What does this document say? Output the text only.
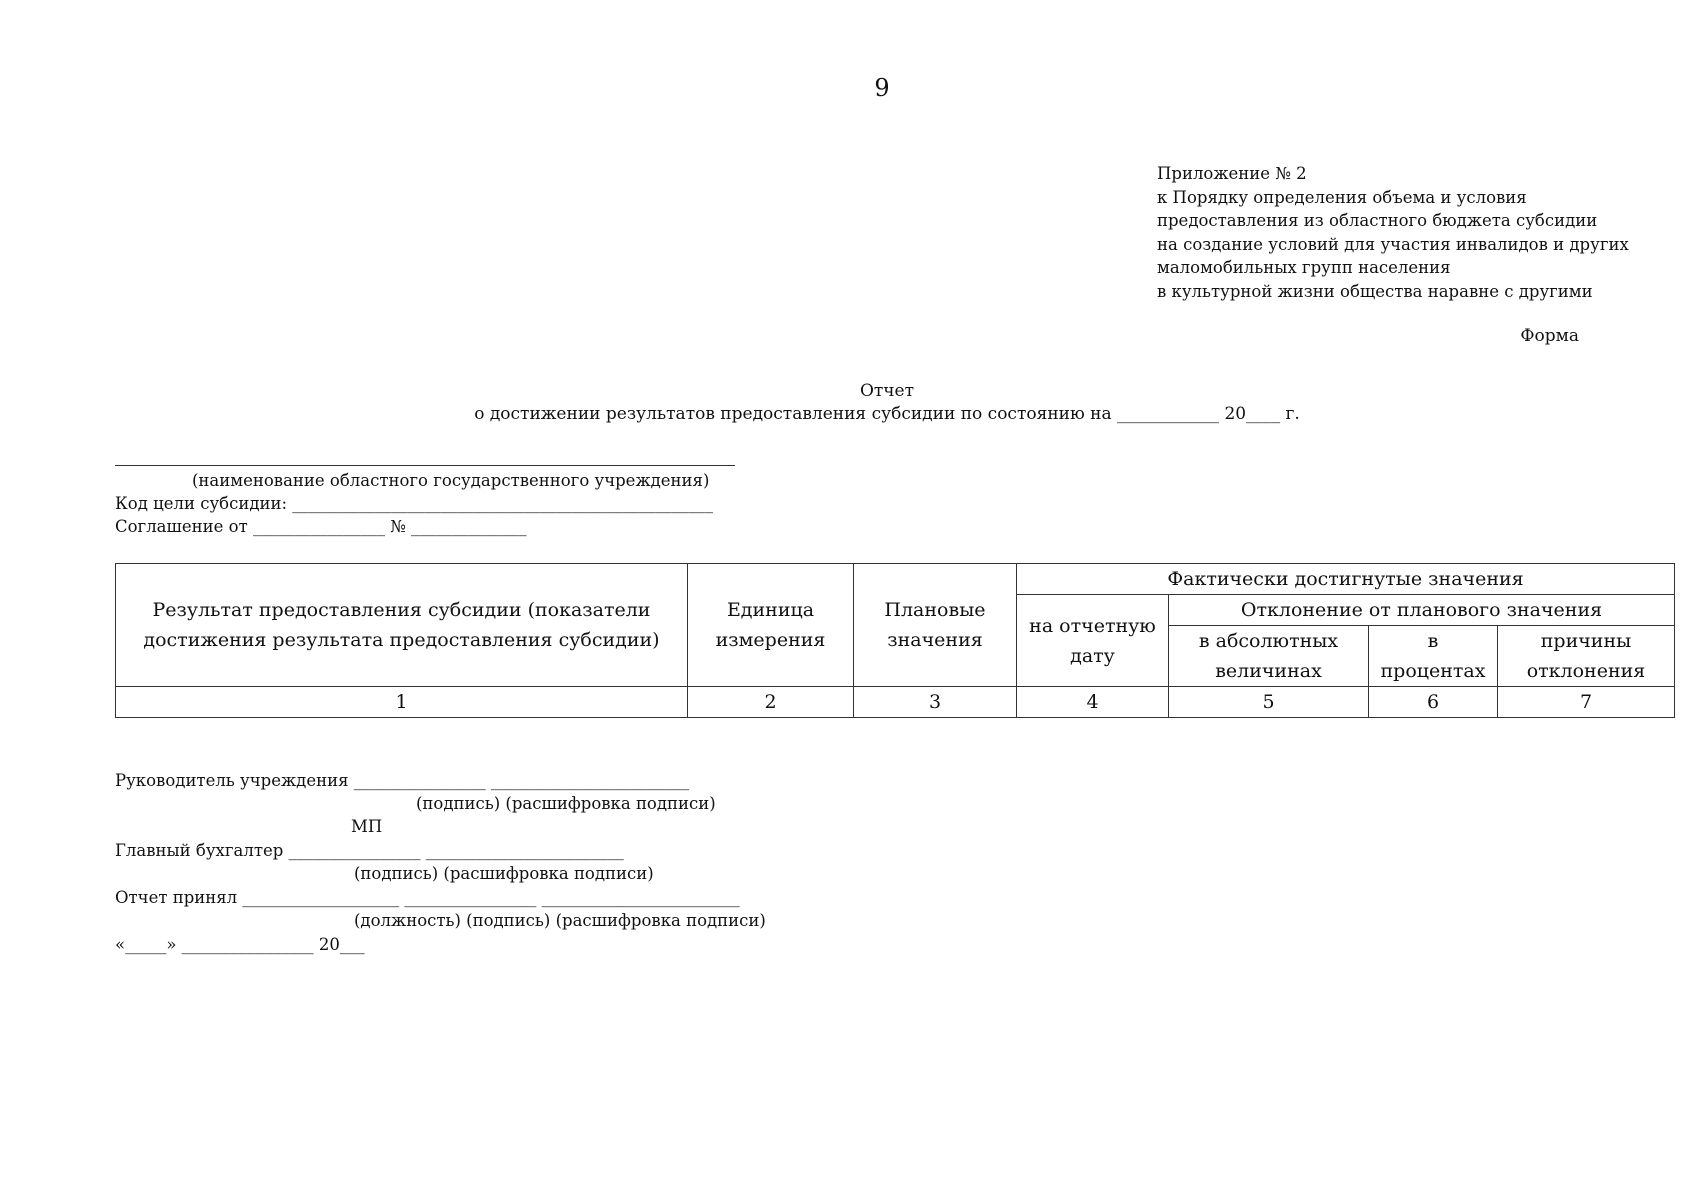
9
Приложение № 2
к Порядку определения объема и условия
предоставления из областного бюджета субсидии
на создание условий для участия инвалидов и других
маломобильных групп населения
в культурной жизни общества наравне с другими
Форма
Отчет
о достижении результатов предоставления субсидии по состоянию на ____________ 20____ г.
(наименование областного государственного учреждения)
Код цели субсидии: ___________________________________________________
Соглашение от ________________ № ______________
Результат предоставления субсидии (показатели достижения результата предоставления субсидии)	Единица измерения	Плановые значения	Фактически достигнутые значения			
			на отчетную дату	Отклонение от планового значения		
				в абсолютных величинах	в процентах	причины отклонения
1	2	3	4	5	6	7
Руководитель учреждения ________________ ________________________
(подпись) (расшифровка подписи)
МП
Главный бухгалтер ________________ ________________________
(подпись) (расшифровка подписи)
Отчет принял ___________________ ________________ ________________________
(должность) (подпись) (расшифровка подписи)
«_____» ________________ 20___
